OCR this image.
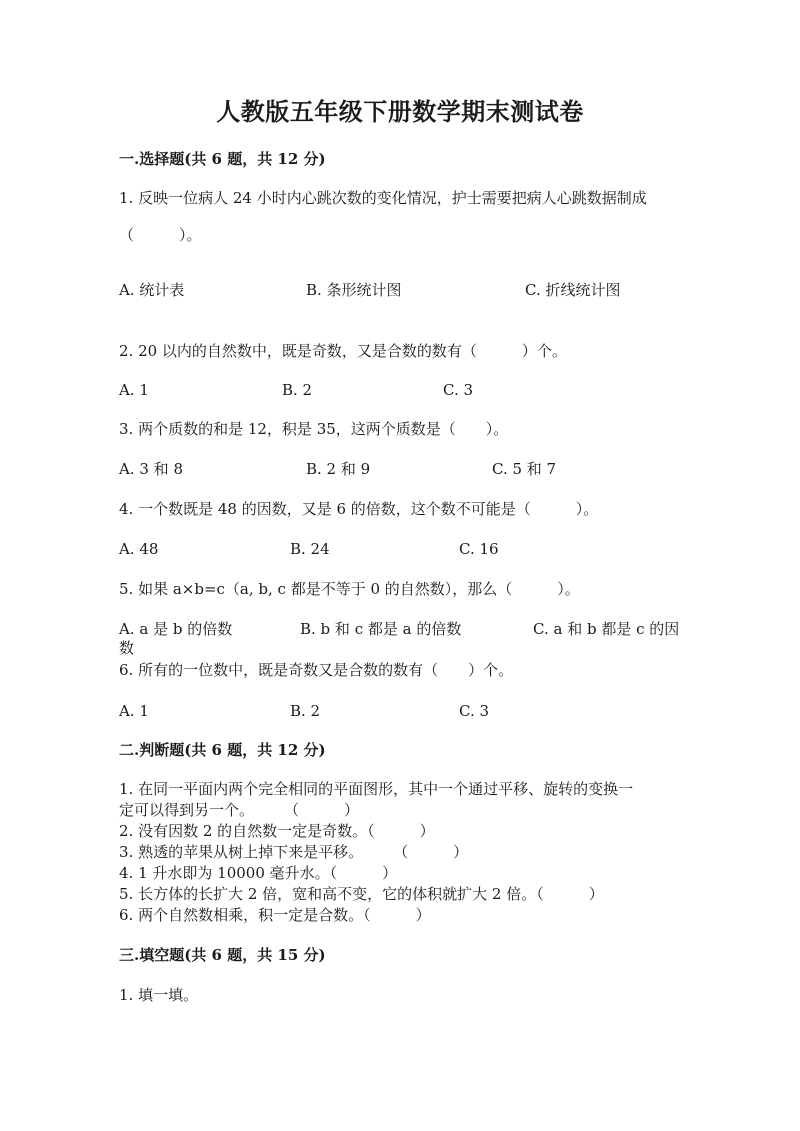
人教版五年级下册数学期末测试卷
一.选择题(共 6 题，共 12 分)
1. 反映一位病人 24 小时内心跳次数的变化情况，护士需要把病人心跳数据制成
（　　　）。
A. 统计表	B. 条形统计图	C. 折线统计图
2. 20 以内的自然数中，既是奇数，又是合数的数有（　　　）个。
A. 1	B. 2	C. 3
3. 两个质数的和是 12，积是 35，这两个质数是（　　）。
A. 3 和 8	B. 2 和 9	C. 5 和 7
4. 一个数既是 48 的因数，又是 6 的倍数，这个数不可能是（　　　）。
A. 48	B. 24	C. 16
5. 如果 a×b=c（a, b, c 都是不等于 0 的自然数），那么（　　　）。
A. a 是 b 的倍数	B. b 和 c 都是 a 的倍数	C. a 和 b 都是 c 的因
数
6. 所有的一位数中，既是奇数又是合数的数有（　　）个。
A. 1	B. 2	C. 3
二.判断题(共 6 题，共 12 分)
1. 在同一平面内两个完全相同的平面图形，其中一个通过平移、旋转的变换一
定可以得到另一个。　　　（　　　）
2. 没有因数 2 的自然数一定是奇数。（　　　）
3. 熟透的苹果从树上掉下来是平移。　　　（　　　）
4. 1 升水即为 10000 毫升水。（　　　）
5. 长方体的长扩大 2 倍，宽和高不变，它的体积就扩大 2 倍。（　　　）
6. 两个自然数相乘，积一定是合数。（　　　）
三.填空题(共 6 题，共 15 分)
1. 填一填。
